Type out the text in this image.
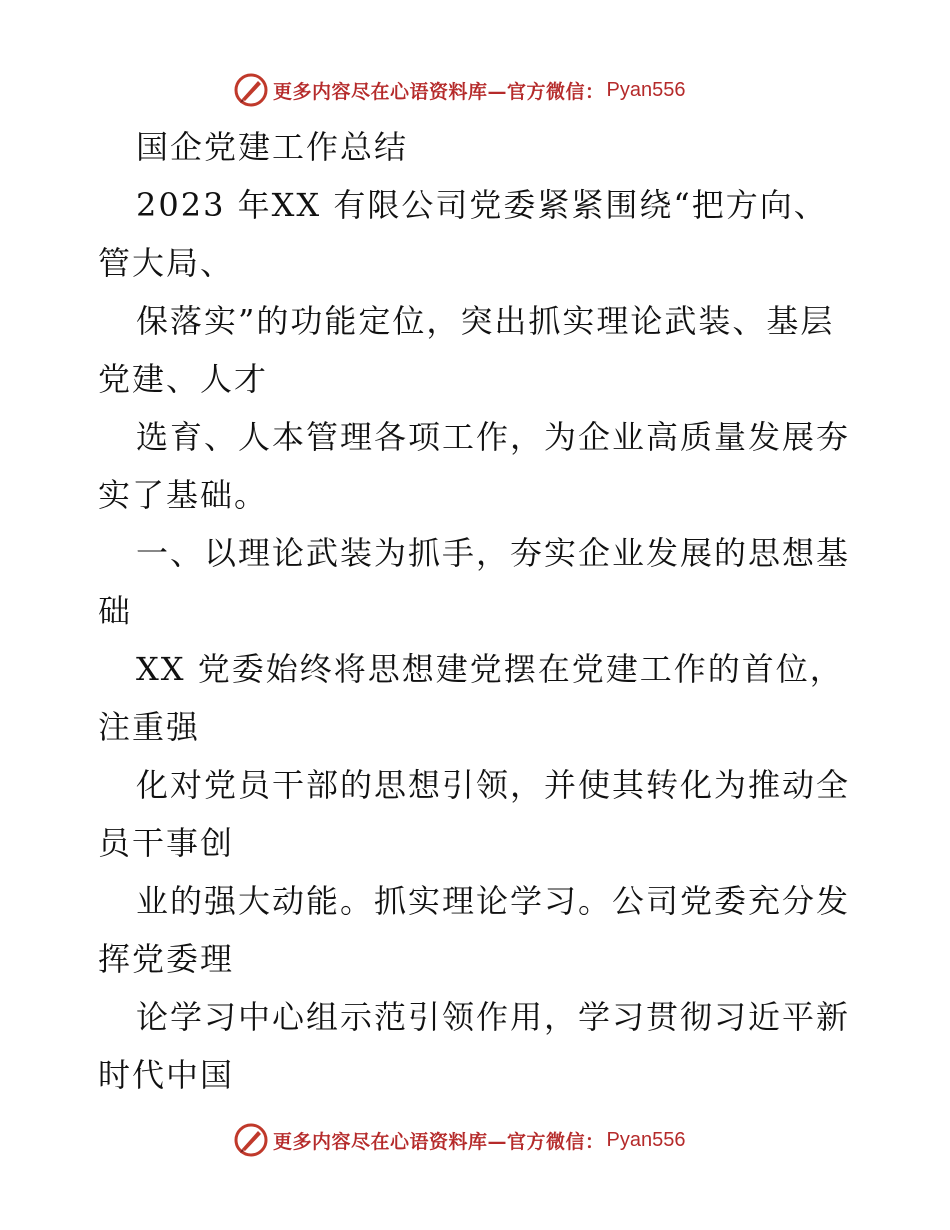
更多内容尽在心语资料库—官方微信： Pyan556
国企党建工作总结
2023 年XX 有限公司党委紧紧围绕“把方向、
管大局、
保落实”的功能定位，突出抓实理论武装、基层
党建、人才
选育、人本管理各项工作，为企业高质量发展夯
实了基础。
一、以理论武装为抓手，夯实企业发展的思想基
础
XX 党委始终将思想建党摆在党建工作的首位，
注重强
化对党员干部的思想引领，并使其转化为推动全
员干事创
业的强大动能。抓实理论学习。公司党委充分发
挥党委理
论学习中心组示范引领作用，学习贯彻习近平新
时代中国
更多内容尽在心语资料库—官方微信： Pyan556
